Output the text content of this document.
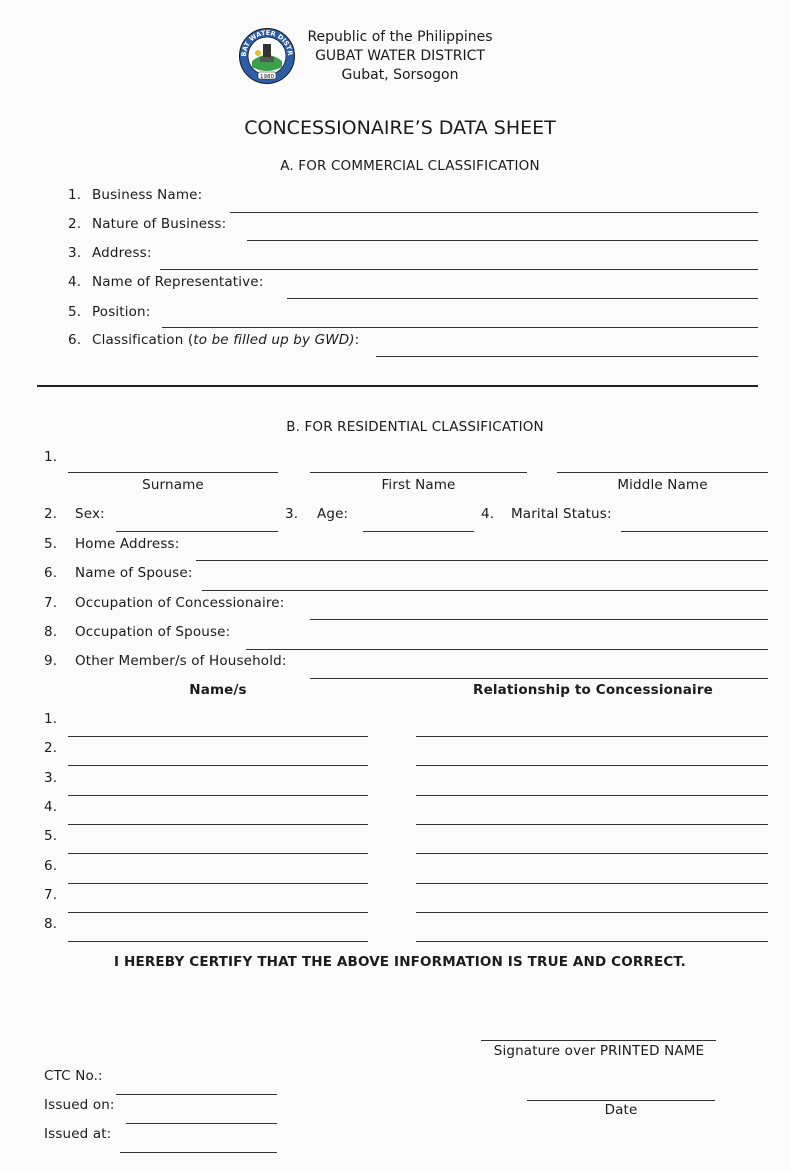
1980
BAT WATER DISTR
Republic of the Philippines
GUBAT WATER DISTRICT
Gubat, Sorsogon
CONCESSIONAIRE’S DATA SHEET
A. FOR COMMERCIAL CLASSIFICATION
1. Business Name:
2. Nature of Business:
3. Address:
4. Name of Representative:
5. Position:
6. Classification (to be filled up by GWD):
B. FOR RESIDENTIAL CLASSIFICATION
1.
Surname	First Name	Middle Name
2. Sex:	3. Age:	4. Marital Status:
5. Home Address:
6. Name of Spouse:
7. Occupation of Concessionaire:
8. Occupation of Spouse:
9. Other Member/s of Household:
Name/s	Relationship to Concessionaire
1.
2.
3.
4.
5.
6.
7.
8.
I HEREBY CERTIFY THAT THE ABOVE INFORMATION IS TRUE AND CORRECT.
Signature over PRINTED NAME
Date
CTC No.:
Issued on:
Issued at:
